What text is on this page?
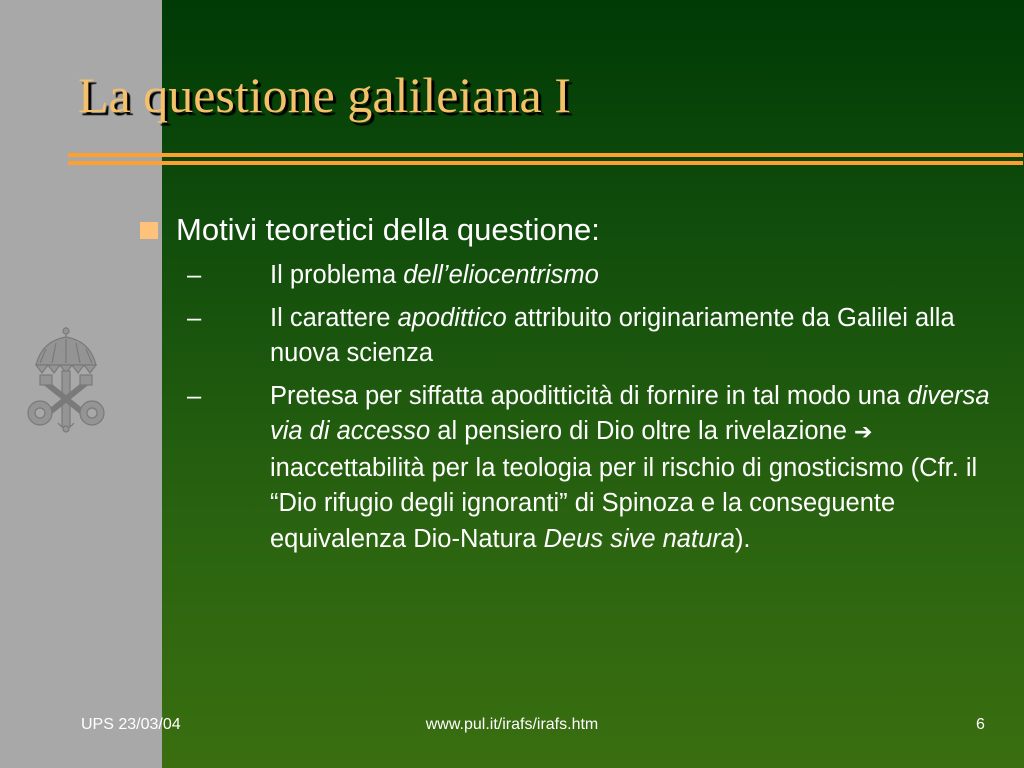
La questione galileiana I
Motivi teoretici della questione:
–	Il problema dell’eliocentrismo
–	Il carattere apodittico attribuito originariamente da Galilei alla nuova scienza
–	Pretesa per siffatta apoditticità di fornire in tal modo una diversa via di accesso al pensiero di Dio oltre la rivelazione ➔ inaccettabilità per la teologia per il rischio di gnosticismo (Cfr. il “Dio rifugio degli ignoranti” di Spinoza e la conseguente equivalenza Dio-Natura Deus sive natura).
UPS 23/03/04	www.pul.it/irafs/irafs.htm	6
